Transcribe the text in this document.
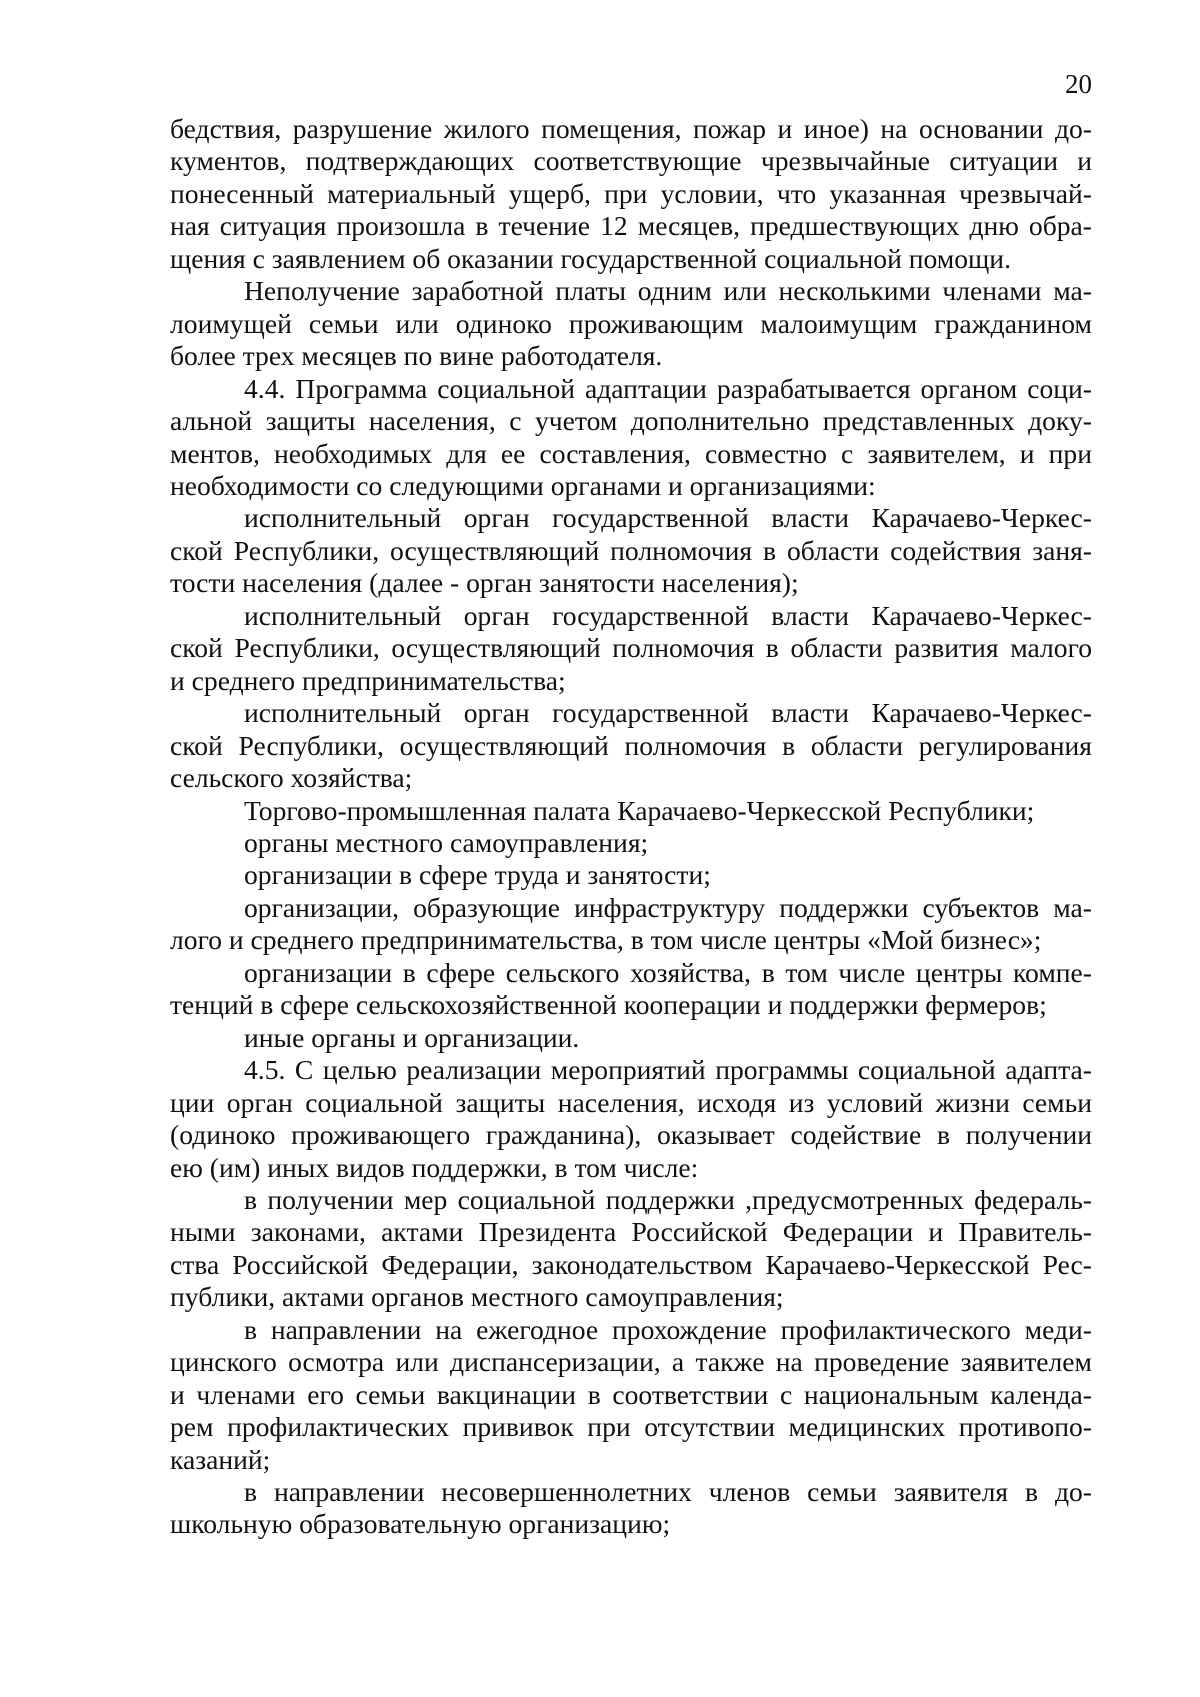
20
бедствия, разрушение жилого помещения, пожар и иное) на основании до-
кументов, подтверждающих соответствующие чрезвычайные ситуации и
понесенный материальный ущерб, при условии, что указанная чрезвычай-
ная ситуация произошла в течение 12 месяцев, предшествующих дню обра-
щения с заявлением об оказании государственной социальной помощи.
Неполучение заработной платы одним или несколькими членами ма-
лоимущей семьи или одиноко проживающим малоимущим гражданином
более трех месяцев по вине работодателя.
4.4. Программа социальной адаптации разрабатывается органом соци-
альной защиты населения, с учетом дополнительно представленных доку-
ментов, необходимых для ее составления, совместно с заявителем, и при
необходимости со следующими органами и организациями:
исполнительный орган государственной власти Карачаево-Черкес-
ской Республики, осуществляющий полномочия в области содействия заня-
тости населения (далее - орган занятости населения);
исполнительный орган государственной власти Карачаево-Черкес-
ской Республики, осуществляющий полномочия в области развития малого
и среднего предпринимательства;
исполнительный орган государственной власти Карачаево-Черкес-
ской Республики, осуществляющий полномочия в области регулирования
сельского хозяйства;
Торгово-промышленная палата Карачаево-Черкесской Республики;
органы местного самоуправления;
организации в сфере труда и занятости;
организации, образующие инфраструктуру поддержки субъектов ма-
лого и среднего предпринимательства, в том числе центры «Мой бизнес»;
организации в сфере сельского хозяйства, в том числе центры компе-
тенций в сфере сельскохозяйственной кооперации и поддержки фермеров;
иные органы и организации.
4.5. С целью реализации мероприятий программы социальной адапта-
ции орган социальной защиты населения, исходя из условий жизни семьи
(одиноко проживающего гражданина), оказывает содействие в получении
ею (им) иных видов поддержки, в том числе:
в получении мер социальной поддержки ,предусмотренных федераль-
ными законами, актами Президента Российской Федерации и Правитель-
ства Российской Федерации, законодательством Карачаево-Черкесской Рес-
публики, актами органов местного самоуправления;
в направлении на ежегодное прохождение профилактического меди-
цинского осмотра или диспансеризации, а также на проведение заявителем
и членами его семьи вакцинации в соответствии с национальным календа-
рем профилактических прививок при отсутствии медицинских противопо-
казаний;
в направлении несовершеннолетних членов семьи заявителя в до-
школьную образовательную организацию;
